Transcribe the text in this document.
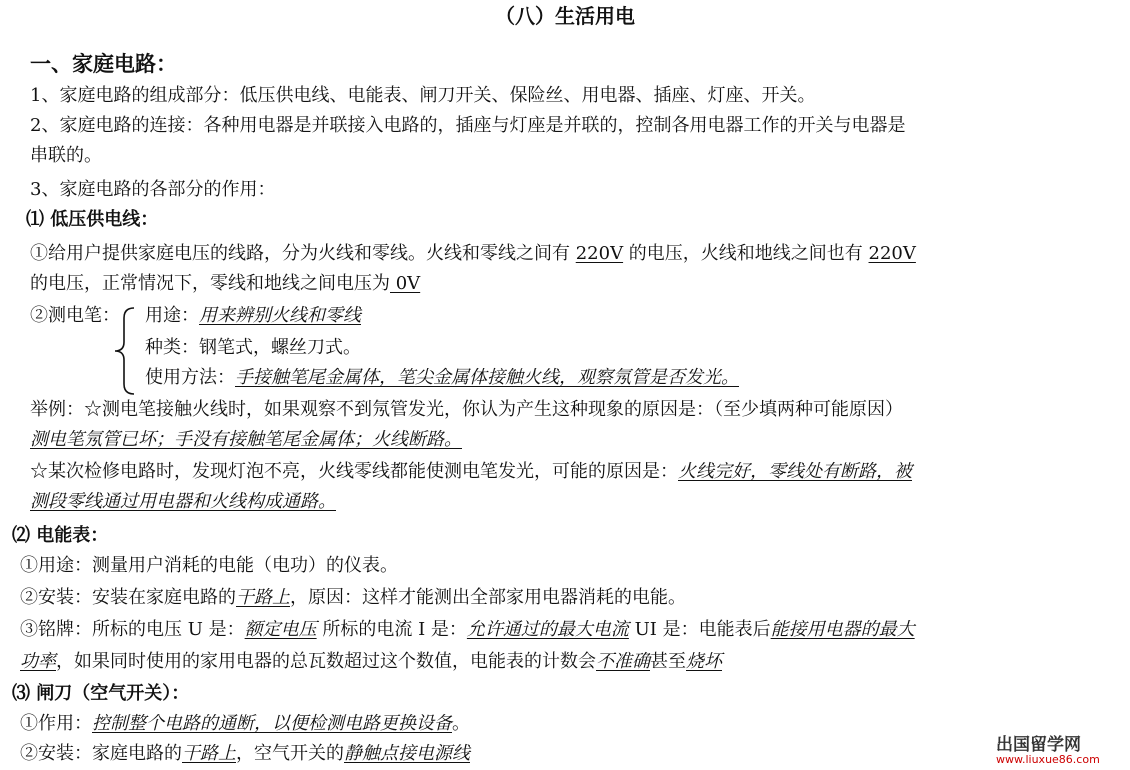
（八）生活用电
一、家庭电路：
1、家庭电路的组成部分：低压供电线、电能表、闸刀开关、保险丝、用电器、插座、灯座、开关。
2、家庭电路的连接：各种用电器是并联接入电路的，插座与灯座是并联的，控制各用电器工作的开关与电器是
串联的。
3、家庭电路的各部分的作用：
⑴ 低压供电线：
①给用户提供家庭电压的线路，分为火线和零线。火线和零线之间有 220V 的电压，火线和地线之间也有 220V
的电压，正常情况下，零线和地线之间电压为 0V
②测电笔： 用途：用来辨别火线和零线
种类：钢笔式，螺丝刀式。
使用方法：手接触笔尾金属体，笔尖金属体接触火线，观察氖管是否发光。
举例：☆测电笔接触火线时，如果观察不到氖管发光，你认为产生这种现象的原因是：（至少填两种可能原因）
测电笔氖管已坏；手没有接触笔尾金属体；火线断路。
☆某次检修电路时，发现灯泡不亮，火线零线都能使测电笔发光，可能的原因是：火线完好，零线处有断路，被
测段零线通过用电器和火线构成通路。
⑵ 电能表：
①用途：测量用户消耗的电能（电功）的仪表。
②安装：安装在家庭电路的干路上，原因：这样才能测出全部家用电器消耗的电能。
③铭牌：所标的电压 U 是：额定电压 所标的电流 I 是：允许通过的最大电流 UI 是：电能表后能接用电器的最大
功率，如果同时使用的家用电器的总瓦数超过这个数值，电能表的计数会不准确甚至烧坏
⑶ 闸刀（空气开关）：
①作用：控制整个电路的通断，以便检测电路更换设备。
②安装：家庭电路的干路上，空气开关的静触点接电源线	出国留学网
www.liuxue86.com
